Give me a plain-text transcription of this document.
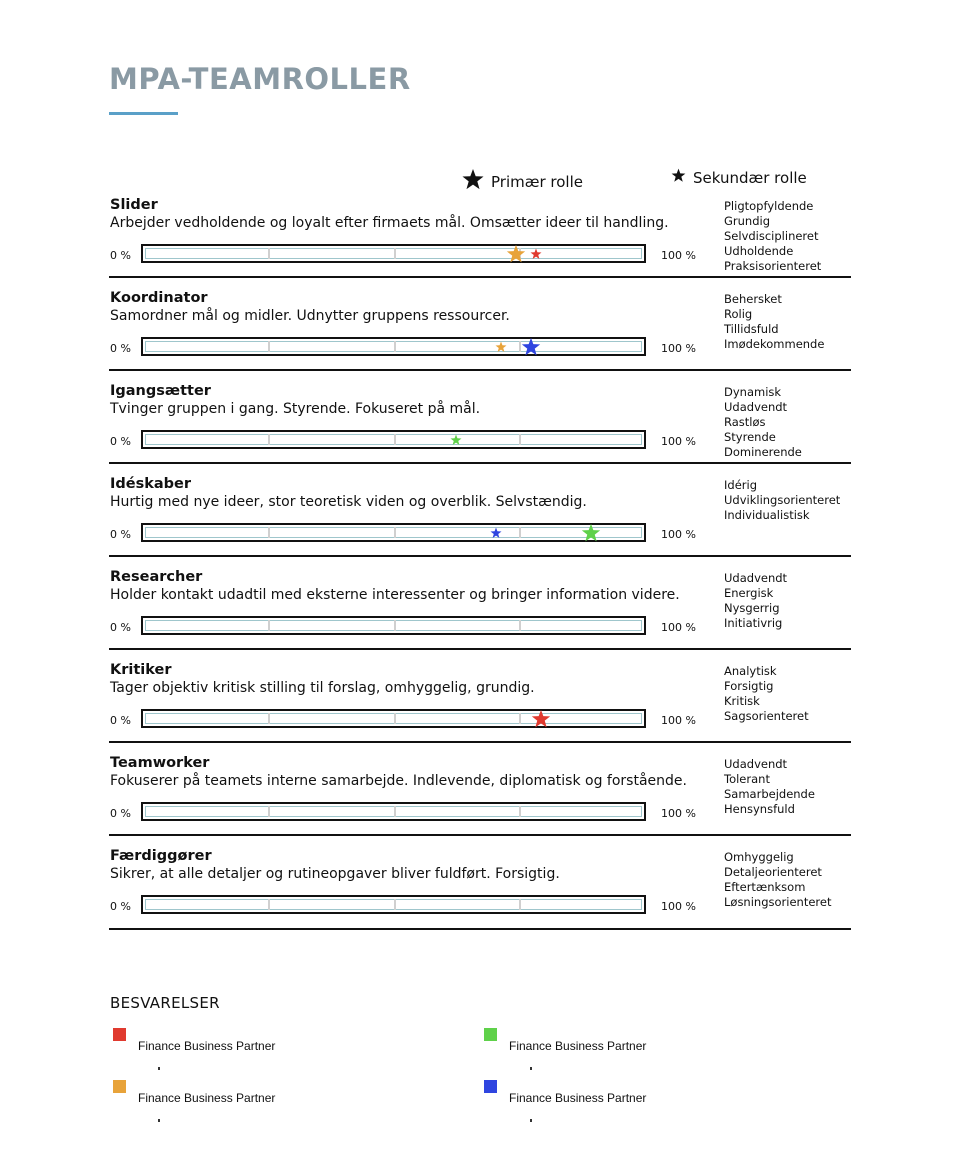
MPA-TEAMROLLER
Primær rolle	Sekundær rolle
Slider
Arbejder vedholdende og loyalt efter firmaets mål. Omsætter ideer til handling.
0 %	100 %
Pligtopfyldende
Grundig
Selvdisciplineret
Udholdende
Praksisorienteret
Koordinator
Samordner mål og midler. Udnytter gruppens ressourcer.
0 %	100 %
Behersket
Rolig
Tillidsfuld
Imødekommende
Igangsætter
Tvinger gruppen i gang. Styrende. Fokuseret på mål.
0 %	100 %
Dynamisk
Udadvendt
Rastløs
Styrende
Dominerende
Idéskaber
Hurtig med nye ideer, stor teoretisk viden og overblik. Selvstændig.
0 %	100 %
Idérig
Udviklingsorienteret
Individualistisk
Researcher
Holder kontakt udadtil med eksterne interessenter og bringer information videre.
0 %	100 %
Udadvendt
Energisk
Nysgerrig
Initiativrig
Kritiker
Tager objektiv kritisk stilling til forslag, omhyggelig, grundig.
0 %	100 %
Analytisk
Forsigtig
Kritisk
Sagsorienteret
Teamworker
Fokuserer på teamets interne samarbejde. Indlevende, diplomatisk og forstående.
0 %	100 %
Udadvendt
Tolerant
Samarbejdende
Hensynsfuld
Færdiggører
Sikrer, at alle detaljer og rutineopgaver bliver fuldført. Forsigtig.
0 %	100 %
Omhyggelig
Detaljeorienteret
Eftertænksom
Løsningsorienteret
BESVARELSER
Finance Business Partner	Finance Business Partner
Finance Business Partner	Finance Business Partner
